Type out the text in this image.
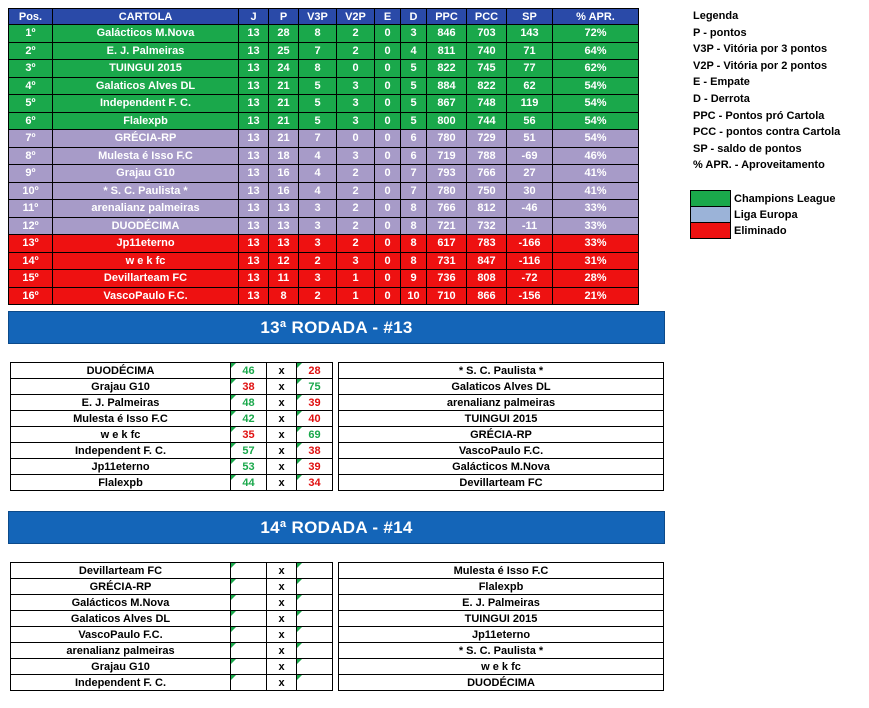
Pos.	CARTOLA	J	P	V3P	V2P	E	D	PPC	PCC	SP	% APR.
1º	Galácticos M.Nova	13	28	8	2	0	3	846	703	143	72%
2º	E. J. Palmeiras	13	25	7	2	0	4	811	740	71	64%
3º	TUINGUI 2015	13	24	8	0	0	5	822	745	77	62%
4º	Galaticos Alves DL	13	21	5	3	0	5	884	822	62	54%
5º	Independent F. C.	13	21	5	3	0	5	867	748	119	54%
6º	Flalexpb	13	21	5	3	0	5	800	744	56	54%
7º	GRÉCIA-RP	13	21	7	0	0	6	780	729	51	54%
8º	Mulesta é Isso F.C	13	18	4	3	0	6	719	788	-69	46%
9º	Grajau G10	13	16	4	2	0	7	793	766	27	41%
10º	* S. C. Paulista *	13	16	4	2	0	7	780	750	30	41%
11º	arenalianz palmeiras	13	13	3	2	0	8	766	812	-46	33%
12º	DUODÉCIMA	13	13	3	2	0	8	721	732	-11	33%
13º	Jp11eterno	13	13	3	2	0	8	617	783	-166	33%
14º	w e k fc	13	12	2	3	0	8	731	847	-116	31%
15º	Devillarteam FC	13	11	3	1	0	9	736	808	-72	28%
16º	VascoPaulo F.C.	13	8	2	1	0	10	710	866	-156	21%
Legenda
P - pontos
V3P - Vitória por 3 pontos
V2P - Vitória por 2 pontos
E - Empate
D - Derrota
PPC - Pontos pró Cartola
PCC - pontos contra Cartola
SP - saldo de pontos
% APR. - Aproveitamento
	Champions League
	Liga Europa
	Eliminado
13ª RODADA - #13
DUODÉCIMA	46	x	28		* S. C. Paulista *
Grajau G10	38	x	75		Galaticos Alves DL
E. J. Palmeiras	48	x	39		arenalianz palmeiras
Mulesta é Isso F.C	42	x	40		TUINGUI 2015
w e k fc	35	x	69		GRÉCIA-RP
Independent F. C.	57	x	38		VascoPaulo F.C.
Jp11eterno	53	x	39		Galácticos M.Nova
Flalexpb	44	x	34		Devillarteam FC
14ª RODADA - #14
Devillarteam FC		x			Mulesta é Isso F.C
GRÉCIA-RP		x			Flalexpb
Galácticos M.Nova		x			E. J. Palmeiras
Galaticos Alves DL		x			TUINGUI 2015
VascoPaulo F.C.		x			Jp11eterno
arenalianz palmeiras		x			* S. C. Paulista *
Grajau G10		x			w e k fc
Independent F. C.		x			DUODÉCIMA
